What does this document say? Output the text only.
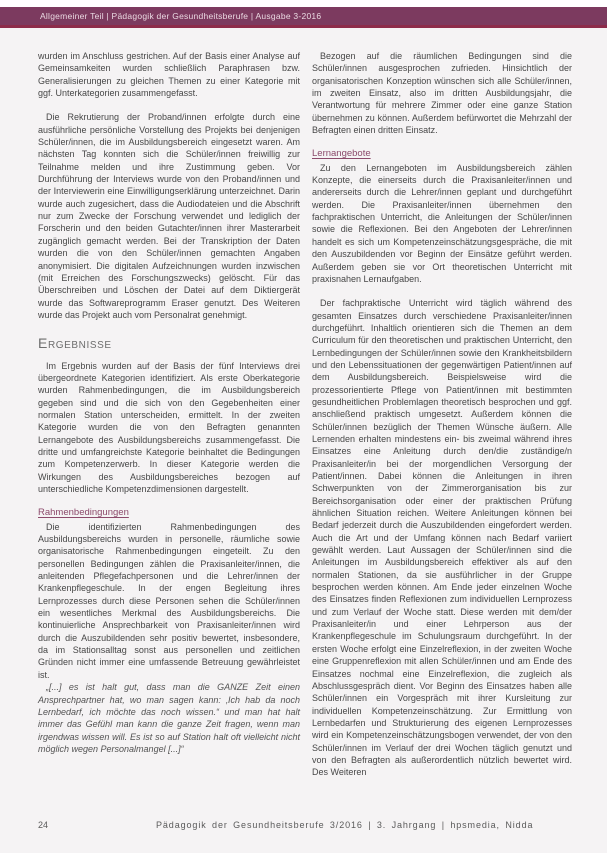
Allgemeiner Teil | Pädagogik der Gesundheitsberufe | Ausgabe 3-2016

wurden im Anschluss gestrichen. Auf der Basis einer Analyse auf Gemeinsamkeiten wurden schließlich Paraphrasen bzw. Generalisierungen zu gleichen Themen zu einer Kategorie mit ggf. Unterkategorien zusammengefasst.

Die Rekrutierung der Proband/innen erfolgte durch eine ausführliche persönliche Vorstellung des Projekts bei denjenigen Schüler/innen, die im Ausbildungsbereich eingesetzt waren. Am nächsten Tag konnten sich die Schüler/innen freiwillig zur Teilnahme melden und ihre Zustimmung geben. Vor Durchführung der Interviews wurde von den Proband/innen und der Interviewerin eine Einwilligungserklärung unterzeichnet. Darin wurde auch zugesichert, dass die Audiodateien und die Abschrift nur zum Zwecke der Forschung verwendet und lediglich der Forscherin und den beiden Gutachter/innen ihrer Masterarbeit zugänglich gemacht werden. Bei der Transkription der Daten wurden die von den Schüler/innen gemachten Angaben anonymisiert. Die digitalen Aufzeichnungen wurden inzwischen (mit Erreichen des Forschungszwecks) gelöscht. Für das Überschreiben und Löschen der Datei auf dem Diktiergerät wurde das Softwareprogramm Eraser genutzt. Des Weiteren wurde das Projekt auch vom Personalrat genehmigt.

Ergebnisse

Im Ergebnis wurden auf der Basis der fünf Interviews drei übergeordnete Kategorien identifiziert. Als erste Oberkategorie wurden Rahmenbedingungen, die im Ausbildungsbereich gegeben sind und die sich von den Gegebenheiten einer normalen Station unterscheiden, ermittelt. In der zweiten Kategorie wurden die von den Befragten genannten Lernangebote des Ausbildungsbereichs zusammengefasst. Die dritte und umfangreichste Kategorie beinhaltet die Bedingungen zum Kompetenzerwerb. In dieser Kategorie werden die Wirkungen des Ausbildungsbereiches bezogen auf unterschiedliche Kompetenzdimensionen dargestellt.

Rahmenbedingungen

Die identifizierten Rahmenbedingungen des Ausbildungsbereichs wurden in personelle, räumliche sowie organisatorische Rahmenbedingungen eingeteilt. Zu den personellen Bedingungen zählen die Praxisanleiter/innen, die anleitenden Pflegefachpersonen und die Lehrer/innen der Krankenpflegeschule. In der engen Begleitung ihres Lernprozesses durch diese Personen sehen die Schüler/innen ein wesentliches Merkmal des Ausbildungsbereichs. Die kontinuierliche Ansprechbarkeit von Praxisanleiter/innen wird durch die Auszubildenden sehr positiv bewertet, insbesondere, da im Stationsalltag sonst aus personellen und zeitlichen Gründen nicht immer eine umfassende Betreuung gewährleistet ist.

„[...] es ist halt gut, dass man die GANZE Zeit einen Ansprechpartner hat, wo man sagen kann: ‚Ich hab da noch Lernbedarf, ich möchte das noch wissen.“ und man hat halt immer das Gefühl man kann die ganze Zeit fragen, wenn man irgendwas wissen will. Es ist so auf Station halt oft vielleicht nicht möglich wegen Personalmangel [...]“

Bezogen auf die räumlichen Bedingungen sind die Schüler/innen ausgesprochen zufrieden. Hinsichtlich der organisatorischen Konzeption wünschen sich alle Schüler/innen, im zweiten Einsatz, also im dritten Ausbildungsjahr, die Verantwortung für mehrere Zimmer oder eine ganze Station übernehmen zu können. Außerdem befürwortet die Mehrzahl der Befragten einen dritten Einsatz.

Lernangebote

Zu den Lernangeboten im Ausbildungsbereich zählen Konzepte, die einerseits durch die Praxisanleiter/innen und andererseits durch die Lehrer/innen geplant und durchgeführt werden. Die Praxisanleiter/innen übernehmen den fachpraktischen Unterricht, die Anleitungen der Schüler/innen sowie die Reflexionen. Bei den Angeboten der Lehrer/innen handelt es sich um Kompetenzeinschätzungsgespräche, die mit den Auszubildenden vor Beginn der Einsätze geführt werden. Außerdem geben sie vor Ort theoretischen Unterricht mit praxisnahen Lernaufgaben.

Der fachpraktische Unterricht wird täglich während des gesamten Einsatzes durch verschiedene Praxisanleiter/innen durchgeführt. Inhaltlich orientieren sich die Themen an dem Curriculum für den theoretischen und praktischen Unterricht, den Lernbedingungen der Schüler/innen sowie den Krankheitsbildern und den Lebenssituationen der gegenwärtigen Patient/innen auf dem Ausbildungsbereich. Beispielsweise wird die prozessorientierte Pflege von Patient/innen mit bestimmten gesundheitlichen Problemlagen theoretisch besprochen und ggf. anschließend praktisch umgesetzt. Außerdem können die Schüler/innen bezüglich der Themen Wünsche äußern. Alle Lernenden erhalten mindestens ein- bis zweimal während ihres Einsatzes eine Anleitung durch den/die zuständige/n Praxisanleiter/in bei der morgendlichen Versorgung der Patient/innen. Dabei können die Anleitungen in ihren Schwerpunkten von der Zimmerorganisation bis zur Bereichsorganisation oder einer der praktischen Prüfung ähnlichen Situation reichen. Weitere Anleitungen können bei Bedarf jederzeit durch die Auszubildenden eingefordert werden. Auch die Art und der Umfang können nach Bedarf variiert gewählt werden. Laut Aussagen der Schüler/innen sind die Anleitungen im Ausbildungsbereich effektiver als auf den normalen Stationen, da sie ausführlicher in der Gruppe besprochen werden können. Am Ende jeder einzelnen Woche des Einsatzes finden Reflexionen zum individuellen Lernprozess und zum Verlauf der Woche statt. Diese werden mit dem/der Praxisanleiter/in und einer Lehrperson aus der Krankenpflegeschule im Schulungsraum durchgeführt. In der ersten Woche erfolgt eine Einzelreflexion, in der zweiten Woche eine Gruppenreflexion mit allen Schüler/innen und am Ende des Einsatzes nochmal eine Einzelreflexion, die zugleich als Abschlussgespräch dient. Vor Beginn des Einsatzes haben alle Schüler/innen ein Vorgespräch mit ihrer Kursleitung zur individuellen Kompetenzeinschätzung. Zur Ermittlung von Lernbedarfen und Strukturierung des eigenen Lernprozesses wird ein Kompetenzeinschätzungsbogen verwendet, der von den Schüler/innen im Verlauf der drei Wochen täglich genutzt und von den Befragten als außerordentlich nützlich bewertet wird. Des Weiteren

24	Pädagogik der Gesundheitsberufe 3/2016 | 3. Jahrgang | hpsmedia, Nidda
